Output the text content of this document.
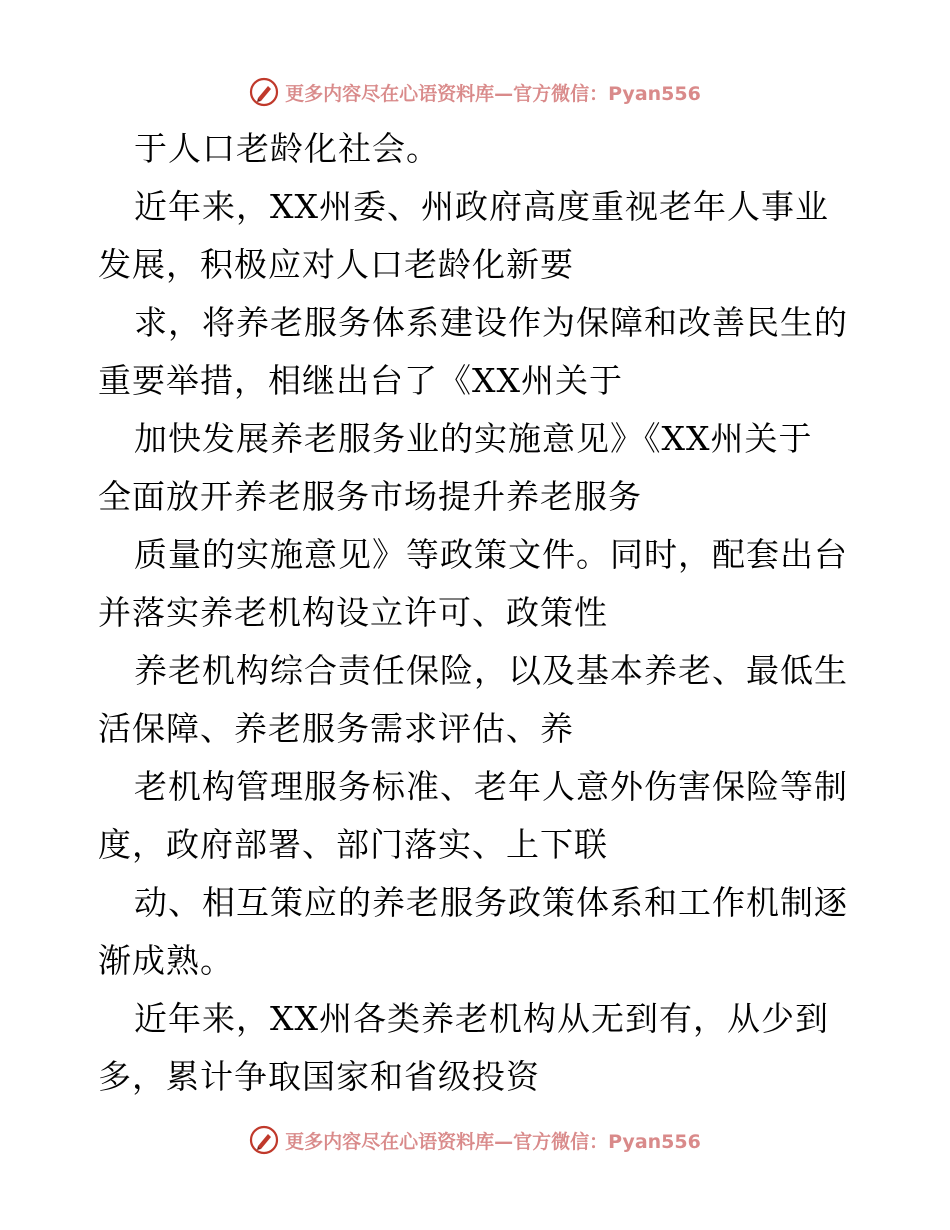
更多内容尽在心语资料库—官方微信：Pyan556
于人口老龄化社会。
近年来，XX州委、州政府高度重视老年人事业
发展，积极应对人口老龄化新要
求，将养老服务体系建设作为保障和改善民生的
重要举措，相继出台了《XX州关于
加快发展养老服务业的实施意见》《XX州关于
全面放开养老服务市场提升养老服务
质量的实施意见》等政策文件。同时，配套出台
并落实养老机构设立许可、政策性
养老机构综合责任保险，以及基本养老、最低生
活保障、养老服务需求评估、养
老机构管理服务标准、老年人意外伤害保险等制
度，政府部署、部门落实、上下联
动、相互策应的养老服务政策体系和工作机制逐
渐成熟。
近年来，XX州各类养老机构从无到有，从少到
多，累计争取国家和省级投资
更多内容尽在心语资料库—官方微信：Pyan556
